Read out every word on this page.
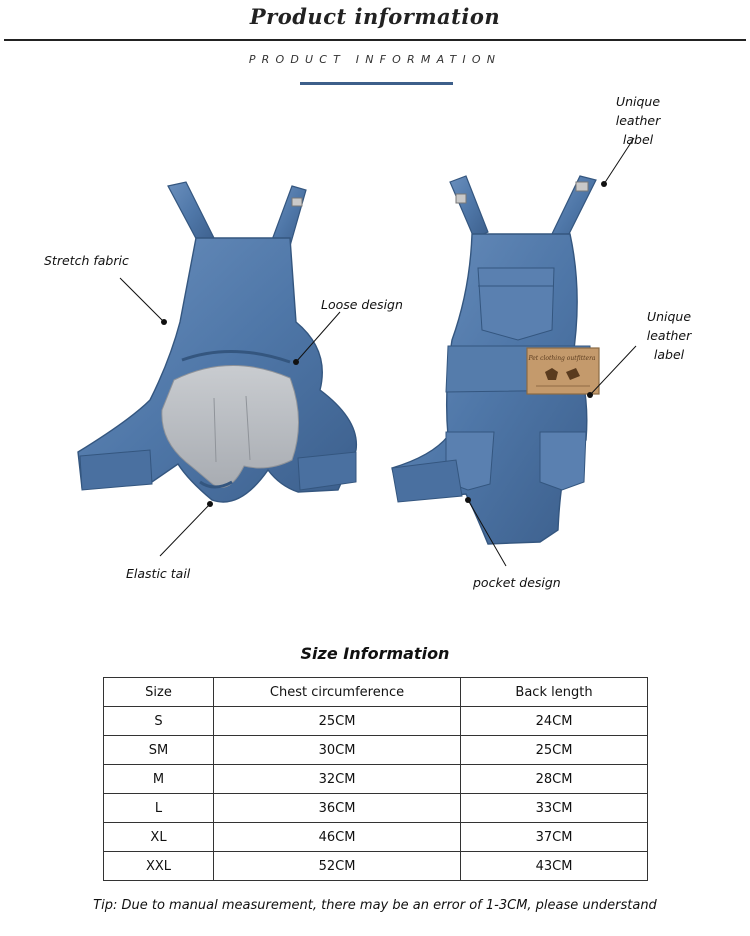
Product information
PRODUCT INFORMATION
Pet clothing outfittera
Stretch fabric
Loose design
Elastic tail
Unique leather
label
Unique leather
label
pocket design
Size Information
Size	Chest circumference	Back length
S	25CM	24CM
SM	30CM	25CM
M	32CM	28CM
L	36CM	33CM
XL	46CM	37CM
XXL	52CM	43CM
Tip: Due to manual measurement, there may be an error of 1-3CM, please understand
